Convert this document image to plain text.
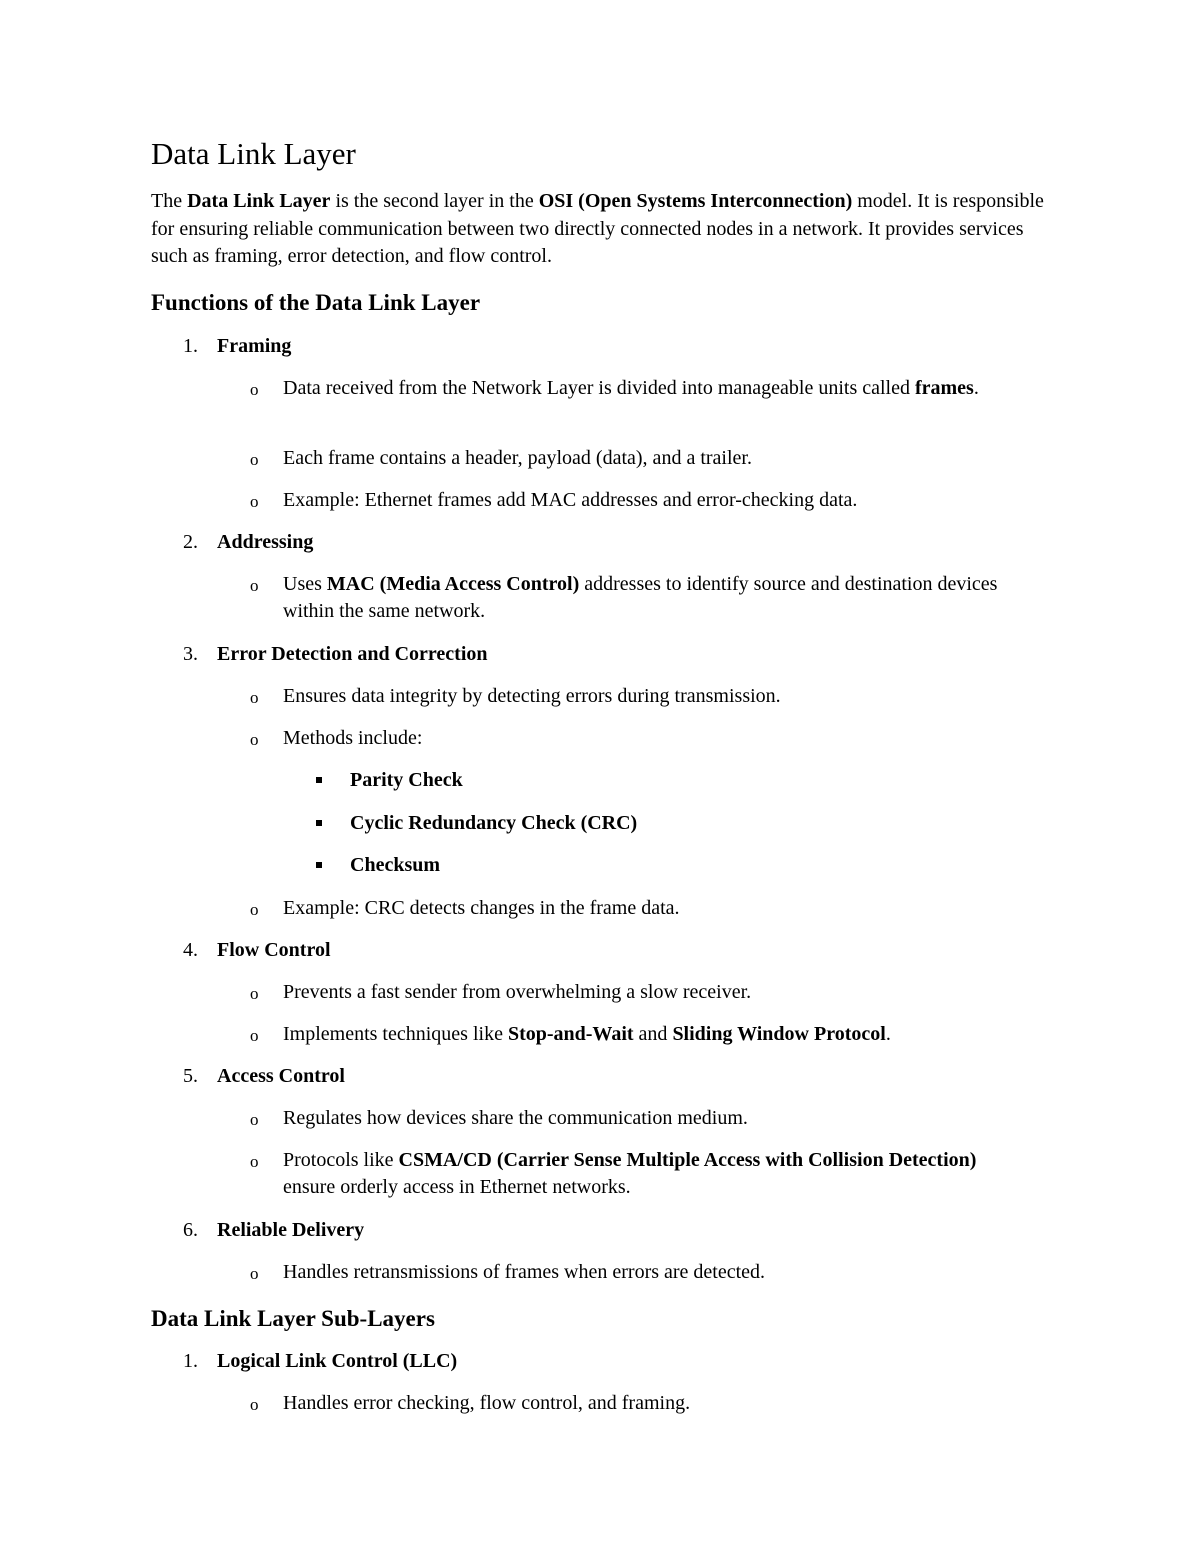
Data Link Layer

The Data Link Layer is the second layer in the OSI (Open Systems Interconnection) model. It is responsible for ensuring reliable communication between two directly connected nodes in a network. It provides services such as framing, error detection, and flow control.

Functions of the Data Link Layer
1. Framing
o Data received from the Network Layer is divided into manageable units called frames.
o Each frame contains a header, payload (data), and a trailer.
o Example: Ethernet frames add MAC addresses and error-checking data.
2. Addressing
o Uses MAC (Media Access Control) addresses to identify source and destination devices within the same network.
3. Error Detection and Correction
o Ensures data integrity by detecting errors during transmission.
o Methods include:
Parity Check
Cyclic Redundancy Check (CRC)
Checksum
o Example: CRC detects changes in the frame data.
4. Flow Control
o Prevents a fast sender from overwhelming a slow receiver.
o Implements techniques like Stop-and-Wait and Sliding Window Protocol.
5. Access Control
o Regulates how devices share the communication medium.
o Protocols like CSMA/CD (Carrier Sense Multiple Access with Collision Detection) ensure orderly access in Ethernet networks.
6. Reliable Delivery
o Handles retransmissions of frames when errors are detected.
Data Link Layer Sub-Layers
1. Logical Link Control (LLC)
o Handles error checking, flow control, and framing.
